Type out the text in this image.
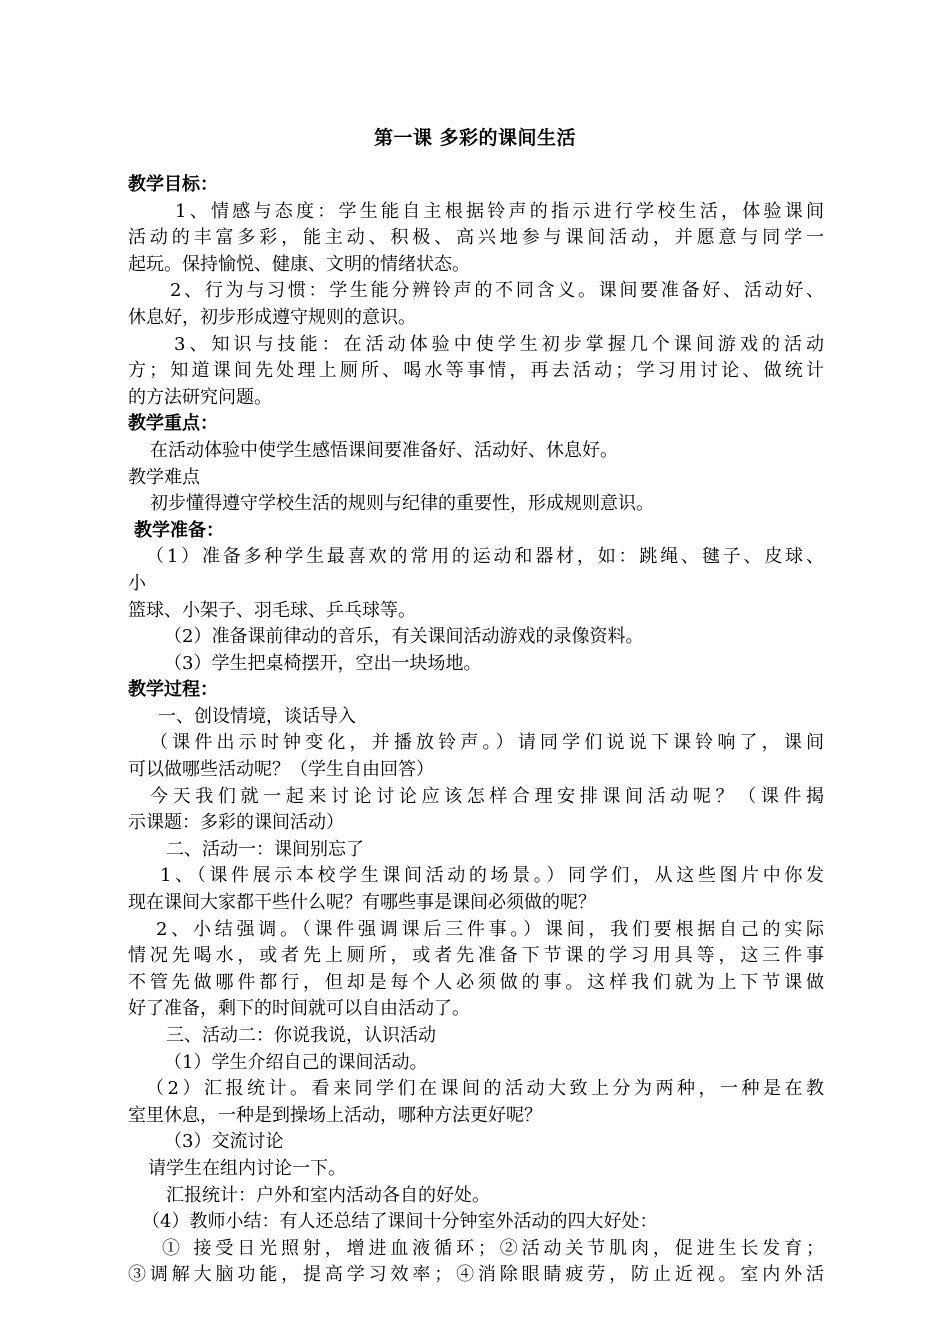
第一课 多彩的课间生活
教学目标：
1、情感与态度：学生能自主根据铃声的指示进行学校生活，体验课间
活动的丰富多彩，能主动、积极、高兴地参与课间活动，并愿意与同学一
起玩。保持愉悦、健康、文明的情绪状态。
2、行为与习惯：学生能分辨铃声的不同含义。课间要准备好、活动好、
休息好，初步形成遵守规则的意识。
3、知识与技能：在活动体验中使学生初步掌握几个课间游戏的活动
方；知道课间先处理上厕所、喝水等事情，再去活动；学习用讨论、做统计
的方法研究问题。
教学重点：
在活动体验中使学生感悟课间要准备好、活动好、休息好。
教学难点
初步懂得遵守学校生活的规则与纪律的重要性，形成规则意识。
教学准备：
（1）准备多种学生最喜欢的常用的运动和器材，如：跳绳、毽子、皮球、
小
篮球、小架子、羽毛球、乒乓球等。
（2）准备课前律动的音乐，有关课间活动游戏的录像资料。
（3）学生把桌椅摆开，空出一块场地。
教学过程：
一、创设情境，谈话导入
（课件出示时钟变化，并播放铃声。）请同学们说说下课铃响了，课间
可以做哪些活动呢？（学生自由回答）
今天我们就一起来讨论讨论应该怎样合理安排课间活动呢？（课件揭
示课题：多彩的课间活动）
二、活动一：课间别忘了
1、（课件展示本校学生课间活动的场景。）同学们，从这些图片中你发
现在课间大家都干些什么呢？有哪些事是课间必须做的呢？
2、小结强调。（课件强调课后三件事。）课间，我们要根据自己的实际
情况先喝水，或者先上厕所，或者先准备下节课的学习用具等，这三件事
不管先做哪件都行，但却是每个人必须做的事。这样我们就为上下节课做
好了准备，剩下的时间就可以自由活动了。
三、活动二：你说我说，认识活动
（1）学生介绍自己的课间活动。
（2）汇报统计。看来同学们在课间的活动大致上分为两种，一种是在教
室里休息，一种是到操场上活动，哪种方法更好呢？
（3）交流讨论
请学生在组内讨论一下。
汇报统计：户外和室内活动各自的好处。
（4）教师小结：有人还总结了课间十分钟室外活动的四大好处：
① 接受日光照射，增进血液循环；②活动关节肌肉，促进生长发育；
③调解大脑功能，提高学习效率；④消除眼睛疲劳，防止近视。室内外活
